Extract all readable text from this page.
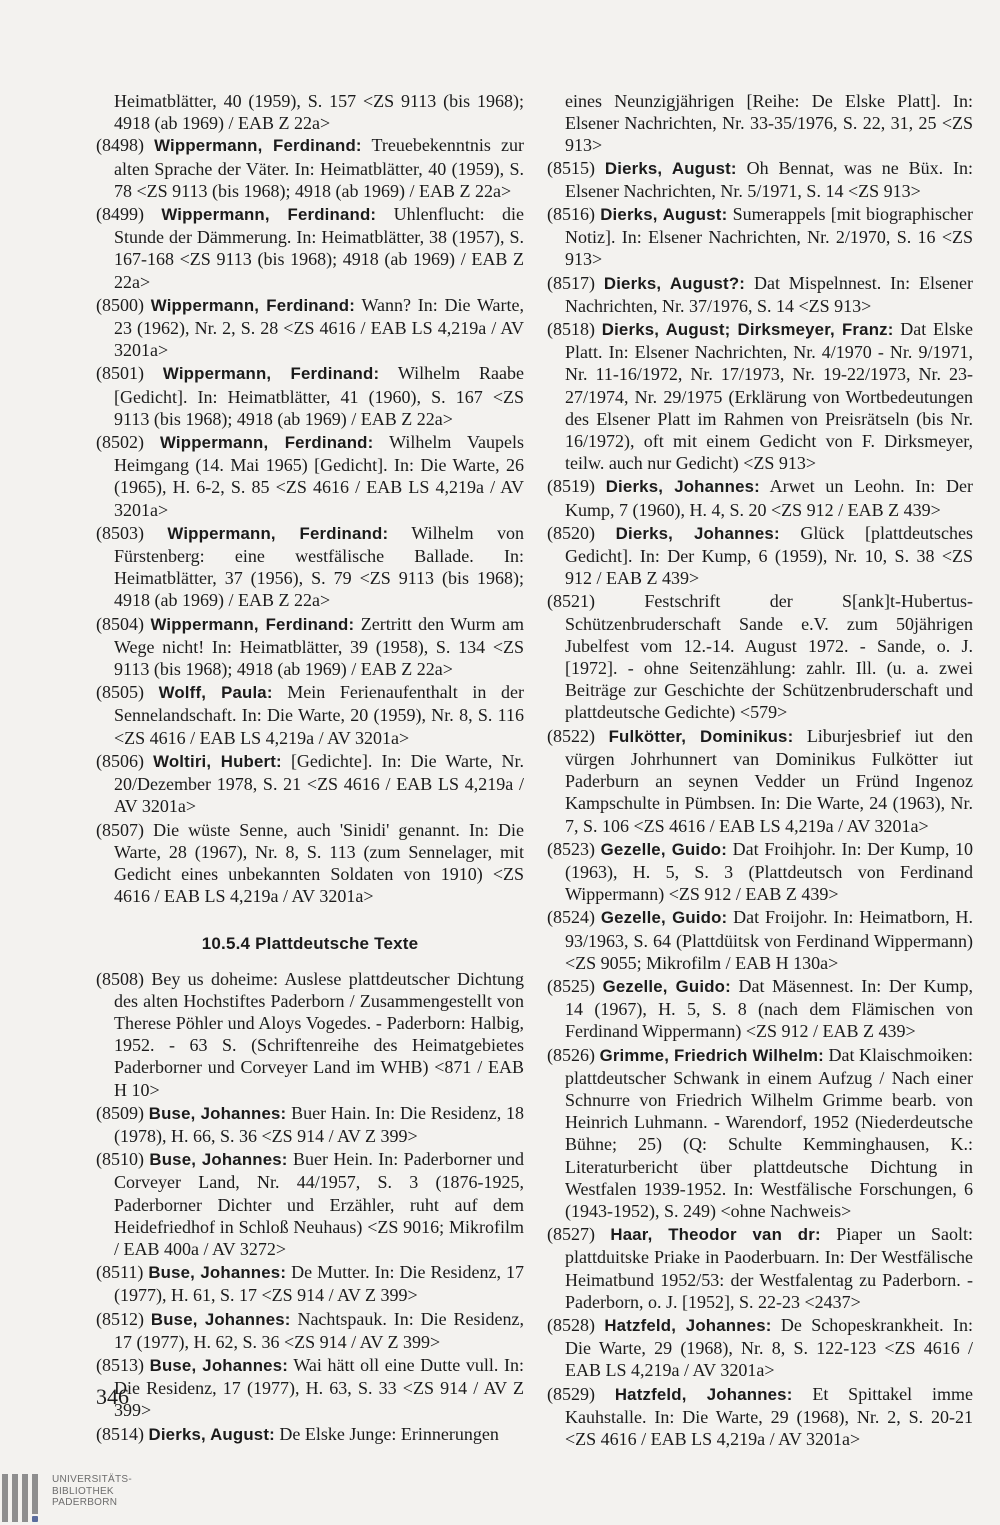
Heimatblätter, 40 (1959), S. 157 <ZS 9113 (bis 1968); 4918 (ab 1969) / EAB Z 22a>

(8498) Wippermann, Ferdinand: Treuebekenntnis zur alten Sprache der Väter. In: Heimatblätter, 40 (1959), S. 78 <ZS 9113 (bis 1968); 4918 (ab 1969) / EAB Z 22a>

(8499) Wippermann, Ferdinand: Uhlenflucht: die Stunde der Dämmerung. In: Heimatblätter, 38 (1957), S. 167-168 <ZS 9113 (bis 1968); 4918 (ab 1969) / EAB Z 22a>

(8500) Wippermann, Ferdinand: Wann? In: Die Warte, 23 (1962), Nr. 2, S. 28 <ZS 4616 / EAB LS 4,219a / AV 3201a>

(8501) Wippermann, Ferdinand: Wilhelm Raabe [Gedicht]. In: Heimatblätter, 41 (1960), S. 167 <ZS 9113 (bis 1968); 4918 (ab 1969) / EAB Z 22a>

(8502) Wippermann, Ferdinand: Wilhelm Vaupels Heimgang (14. Mai 1965) [Gedicht]. In: Die Warte, 26 (1965), H. 6-2, S. 85 <ZS 4616 / EAB LS 4,219a / AV 3201a>

(8503) Wippermann, Ferdinand: Wilhelm von Fürstenberg: eine westfälische Ballade. In: Heimatblätter, 37 (1956), S. 79 <ZS 9113 (bis 1968); 4918 (ab 1969) / EAB Z 22a>

(8504) Wippermann, Ferdinand: Zertritt den Wurm am Wege nicht! In: Heimatblätter, 39 (1958), S. 134 <ZS 9113 (bis 1968); 4918 (ab 1969) / EAB Z 22a>

(8505) Wolff, Paula: Mein Ferienaufenthalt in der Sennelandschaft. In: Die Warte, 20 (1959), Nr. 8, S. 116 <ZS 4616 / EAB LS 4,219a / AV 3201a>

(8506) Woltiri, Hubert: [Gedichte]. In: Die Warte, Nr. 20/Dezember 1978, S. 21 <ZS 4616 / EAB LS 4,219a / AV 3201a>

(8507) Die wüste Senne, auch 'Sinidi' genannt. In: Die Warte, 28 (1967), Nr. 8, S. 113 (zum Sennelager, mit Gedicht eines unbekannten Soldaten von 1910) <ZS 4616 / EAB LS 4,219a / AV 3201a>

10.5.4 Plattdeutsche Texte

(8508) Bey us doheime: Auslese plattdeutscher Dichtung des alten Hochstiftes Paderborn / Zusammengestellt von Therese Pöhler und Aloys Vogedes. - Paderborn: Halbig, 1952. - 63 S. (Schriftenreihe des Heimatgebietes Paderborner und Corveyer Land im WHB) <871 / EAB H 10>

(8509) Buse, Johannes: Buer Hain. In: Die Residenz, 18 (1978), H. 66, S. 36 <ZS 914 / AV Z 399>

(8510) Buse, Johannes: Buer Hein. In: Paderborner und Corveyer Land, Nr. 44/1957, S. 3 (1876-1925, Paderborner Dichter und Erzähler, ruht auf dem Heidefriedhof in Schloß Neuhaus) <ZS 9016; Mikrofilm / EAB 400a / AV 3272>

(8511) Buse, Johannes: De Mutter. In: Die Residenz, 17 (1977), H. 61, S. 17 <ZS 914 / AV Z 399>

(8512) Buse, Johannes: Nachtspauk. In: Die Residenz, 17 (1977), H. 62, S. 36 <ZS 914 / AV Z 399>

(8513) Buse, Johannes: Wai hätt oll eine Dutte vull. In: Die Residenz, 17 (1977), H. 63, S. 33 <ZS 914 / AV Z 399>

(8514) Dierks, August: De Elske Junge: Erinnerungen

eines Neunzigjährigen [Reihe: De Elske Platt]. In: Elsener Nachrichten, Nr. 33-35/1976, S. 22, 31, 25 <ZS 913>

(8515) Dierks, August: Oh Bennat, was ne Büx. In: Elsener Nachrichten, Nr. 5/1971, S. 14 <ZS 913>

(8516) Dierks, August: Sumerappels [mit biographischer Notiz]. In: Elsener Nachrichten, Nr. 2/1970, S. 16 <ZS 913>

(8517) Dierks, August?: Dat Mispelnnest. In: Elsener Nachrichten, Nr. 37/1976, S. 14 <ZS 913>

(8518) Dierks, August; Dirksmeyer, Franz: Dat Elske Platt. In: Elsener Nachrichten, Nr. 4/1970 - Nr. 9/1971, Nr. 11-16/1972, Nr. 17/1973, Nr. 19-22/1973, Nr. 23-27/1974, Nr. 29/1975 (Erklärung von Wortbedeutungen des Elsener Platt im Rahmen von Preisrätseln (bis Nr. 16/1972), oft mit einem Gedicht von F. Dirksmeyer, teilw. auch nur Gedicht) <ZS 913>

(8519) Dierks, Johannes: Arwet un Leohn. In: Der Kump, 7 (1960), H. 4, S. 20 <ZS 912 / EAB Z 439>

(8520) Dierks, Johannes: Glück [plattdeutsches Gedicht]. In: Der Kump, 6 (1959), Nr. 10, S. 38 <ZS 912 / EAB Z 439>

(8521)	Festschrift der S[ank]t-Hubertus-Schützenbruderschaft Sande e.V. zum 50jährigen Jubelfest vom 12.-14. August 1972. - Sande, o. J. [1972]. - ohne Seitenzählung: zahlr. Ill. (u. a. zwei Beiträge zur Geschichte der Schützenbruderschaft und plattdeutsche Gedichte) <579>

(8522) Fulkötter, Dominikus: Liburjesbrief iut den vürgen Johrhunnert van Dominikus Fulkötter iut Paderburn an seynen Vedder un Fründ Ingenoz Kampschulte in Pümbsen. In: Die Warte, 24 (1963), Nr. 7, S. 106 <ZS 4616 / EAB LS 4,219a / AV 3201a>

(8523) Gezelle, Guido: Dat Froihjohr. In: Der Kump, 10 (1963), H. 5, S. 3 (Plattdeutsch von Ferdinand Wippermann) <ZS 912 / EAB Z 439>

(8524) Gezelle, Guido: Dat Froijohr. In: Heimatborn, H. 93/1963, S. 64 (Plattdüitsk von Ferdinand Wippermann) <ZS 9055; Mikrofilm / EAB H 130a>

(8525) Gezelle, Guido: Dat Mäsennest. In: Der Kump, 14 (1967), H. 5, S. 8 (nach dem Flämischen von Ferdinand Wippermann) <ZS 912 / EAB Z 439>

(8526) Grimme, Friedrich Wilhelm: Dat Klaischmoiken: plattdeutscher Schwank in einem Aufzug / Nach einer Schnurre von Friedrich Wilhelm Grimme bearb. von Heinrich Luhmann. - Warendorf, 1952 (Niederdeutsche Bühne; 25) (Q: Schulte Kemminghausen, K.: Literaturbericht über plattdeutsche Dichtung in Westfalen 1939-1952. In: Westfälische Forschungen, 6 (1943-1952), S. 249) <ohne Nachweis>

(8527) Haar, Theodor van dr: Piaper un Saolt: plattduitske Priake in Paoderbuarn. In: Der Westfälische Heimatbund 1952/53: der Westfalentag zu Paderborn. - Paderborn, o. J. [1952], S. 22-23 <2437>

(8528) Hatzfeld, Johannes: De Schopeskrankheit. In: Die Warte, 29 (1968), Nr. 8, S. 122-123 <ZS 4616 / EAB LS 4,219a / AV 3201a>

(8529) Hatzfeld, Johannes: Et Spittakel imme Kauhstalle. In: Die Warte, 29 (1968), Nr. 2, S. 20-21 <ZS 4616 / EAB LS 4,219a / AV 3201a>

346
UNIVERSITÄTS-
BIBLIOTHEK
PADERBORN
